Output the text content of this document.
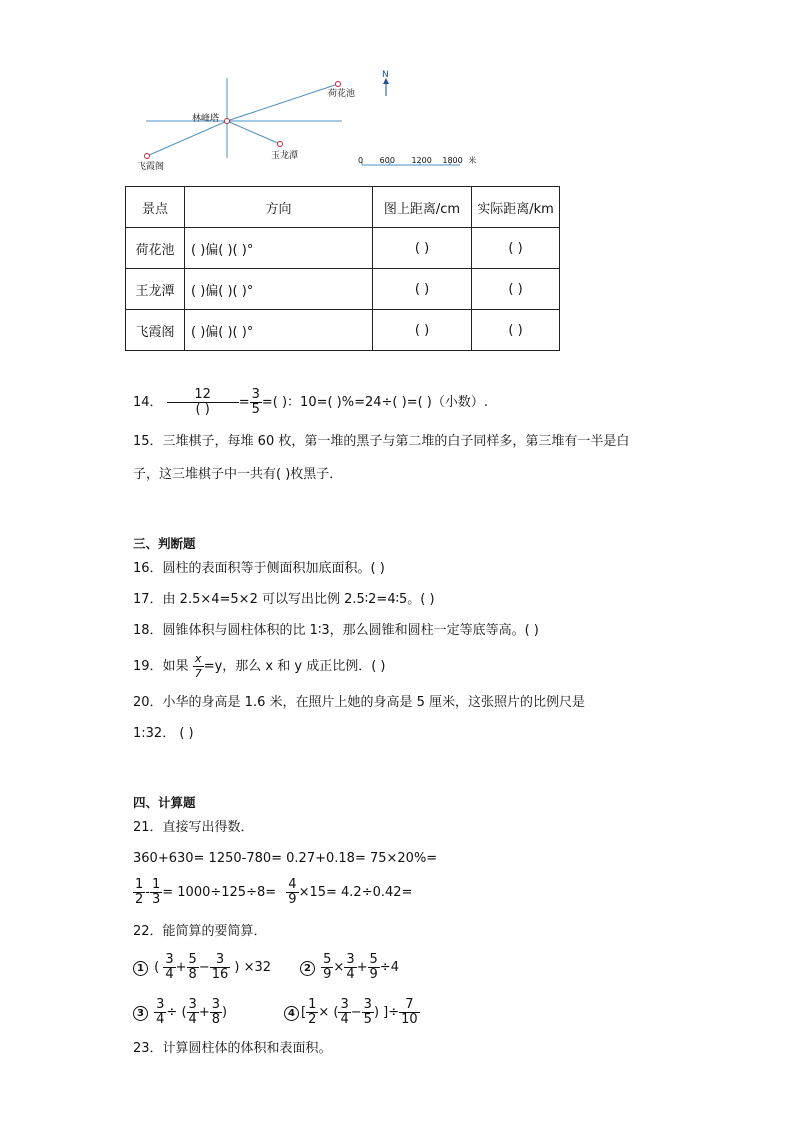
荷花池
林峰塔
玉龙潭
飞霞阁
N
0 600 1200 1800 米
景点	方向	图上距离/cm	实际距离/km
荷花池	( )偏( )( )°	( )	( )
王龙潭	( )偏( )( )°	( )	( )
飞霞阁	( )偏( )( )°	( )	( )
14． $\frac{12}{( )} = \frac{3}{5}$ =( )：10=( )%=24÷( )=( )（小数）.
15．三堆棋子，每堆 60 枚，第一堆的黑子与第二堆的白子同样多，第三堆有一半是白
子，这三堆棋子中一共有( )枚黑子．
三、判断题
16．圆柱的表面积等于侧面积加底面积。( )
17．由 2.5×4=5×2 可以写出比例 2.5∶2=4∶5。( )
18．圆锥体积与圆柱体积的比 1∶3，那么圆锥和圆柱一定等底等高。( )
19．如果 $\frac{x}{7} =y$，那么 x 和 y 成正比例．( )
20．小华的身高是 1.6 米，在照片上她的身高是 5 厘米，这张照片的比例尺是
1:32． ( )
四、计算题
21．直接写出得数．
360+630= 1250-780= 0.27+0.18= 75×20%=
$\frac{1}{2} - \frac{1}{3} = 1000\div 125\div 8= \frac{4}{9} \times 15= 4.2\div 0.42=$
22．能简算的要简算．
1 ( $\frac{3}{4} + \frac{5}{8} - \frac{3}{16}$ ) ×32	$2 \frac{5}{9} \times \frac{3}{4} + \frac{5}{9} \div 4$
$3 \frac{3}{4}$ ÷ ( $\frac{3}{4} + \frac{3}{8}$ )	4 [ $\frac{1}{2}$ × ( $\frac{3}{4} - \frac{3}{5}$ ) ]÷ $\frac{7}{10}$
23．计算圆柱体的体积和表面积。
